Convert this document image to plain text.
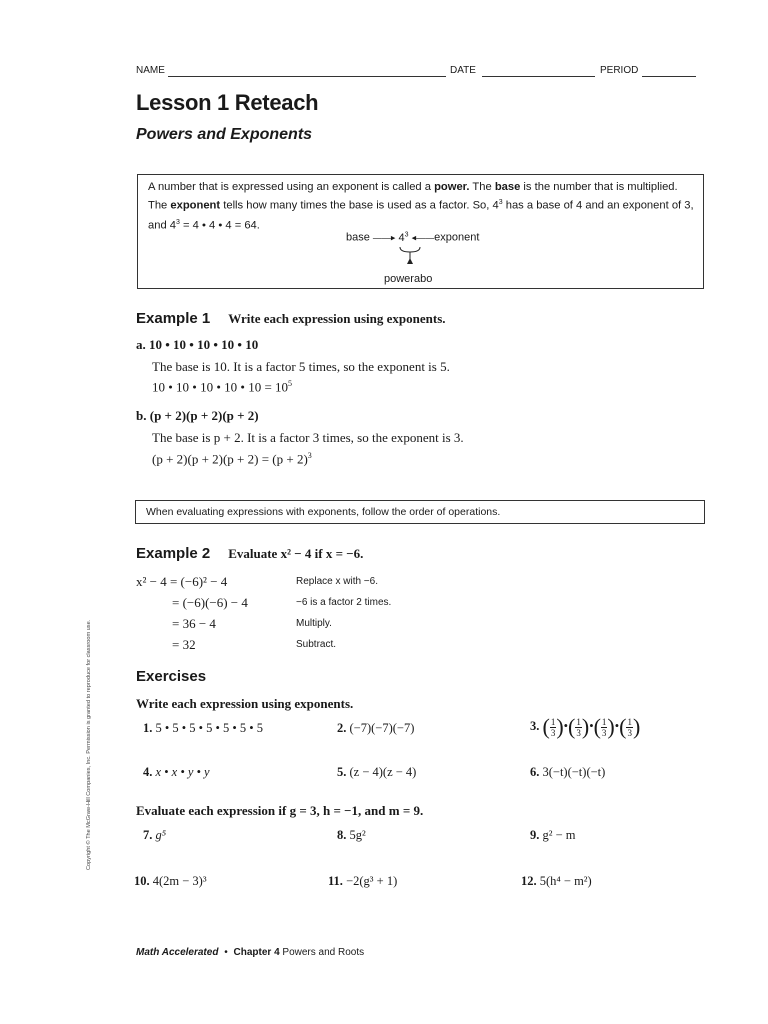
NAME	DATE	PERIOD
Lesson 1 Reteach
Powers and Exponents
A number that is expressed using an exponent is called a power. The base is the number that is multiplied. The exponent tells how many times the base is used as a factor. So, $4^3$ has a base of 4 and an exponent of 3, and $4^3 = 4$ • 4 • 4 = 64.
base ——▸ $4^3$ ◂——exponent
powerabo
Example 1 Write each expression using exponents.
a. 10 • 10 • 10 • 10 • 10
The base is 10. It is a factor 5 times, so the exponent is 5.
10 • 10 • 10 • 10 • $10 = 10^5$
b. (p + 2)(p + 2)(p + 2)
The base is p + 2. It is a factor 3 times, so the exponent is 3.
$(p + 2)(p + 2)(p + 2) = (p + 2)^3$
When evaluating expressions with exponents, follow the order of operations.
Example 2 Evaluate x² − 4 if x = −6.
x² − 4 = (−6)² − 4	Replace x with −6.
= (−6)(−6) − 4	−6 is a factor 2 times.
= 36 − 4	Multiply.
= 32	Subtract.
Exercises
Write each expression using exponents.
1. 5 • 5 • 5 • 5 • 5 • 5 • 5	2. (−7)(−7)(−7)	3. ( $\frac{1}{3}$ )•( $\frac{1}{3}$ )•( $\frac{1}{3}$ )•( $\frac{1}{3}$ )
4. x • x • y • y	5. (z − 4)(z − 4)	6. 3(−t)(−t)(−t)
Evaluate each expression if g = 3, h = −1, and m = 9.
7. g⁵	8. 5g²	9. g² − m
10. 4(2m − 3)³	11. −2(g³ + 1)	12. 5(h⁴ − m²)
Math Accelerated • Chapter 4 Powers and Roots
Copyright © The McGraw-Hill Companies, Inc. Permission is granted to reproduce for classroom use.
